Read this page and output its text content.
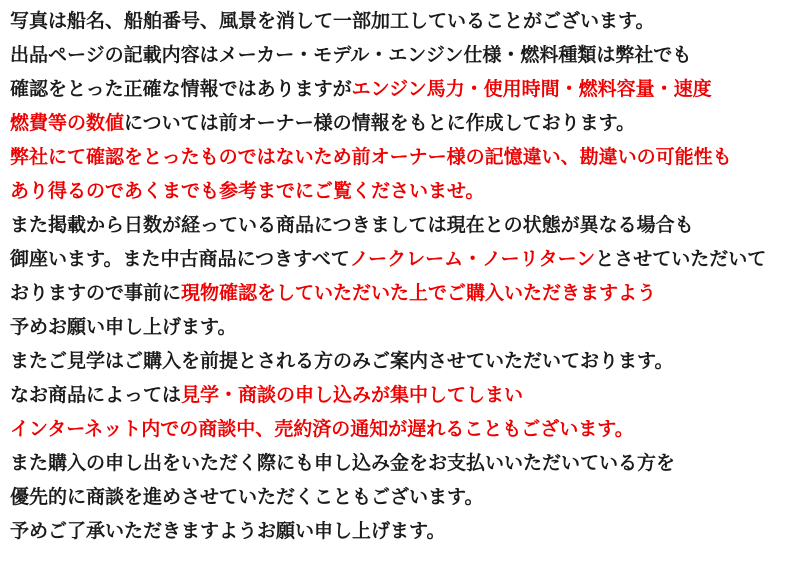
写真は船名、船舶番号、風景を消して一部加工していることがございます。
出品ページの記載内容はメーカー・モデル・エンジン仕様・燃料種類は弊社でも
確認をとった正確な情報ではありますがエンジン馬力・使用時間・燃料容量・速度
燃費等の数値については前オーナー様の情報をもとに作成しております。
弊社にて確認をとったものではないため前オーナー様の記憶違い、勘違いの可能性も
あり得るのであくまでも参考までにご覧くださいませ。
また掲載から日数が経っている商品につきましては現在との状態が異なる場合も
御座います。また中古商品につきすべてノークレーム・ノーリターンとさせていただいて
おりますので事前に現物確認をしていただいた上でご購入いただきますよう
予めお願い申し上げます。
またご見学はご購入を前提とされる方のみご案内させていただいております。
なお商品によっては見学・商談の申し込みが集中してしまい
インターネット内での商談中、売約済の通知が遅れることもございます。
また購入の申し出をいただく際にも申し込み金をお支払いいただいている方を
優先的に商談を進めさせていただくこともございます。
予めご了承いただきますようお願い申し上げます。
